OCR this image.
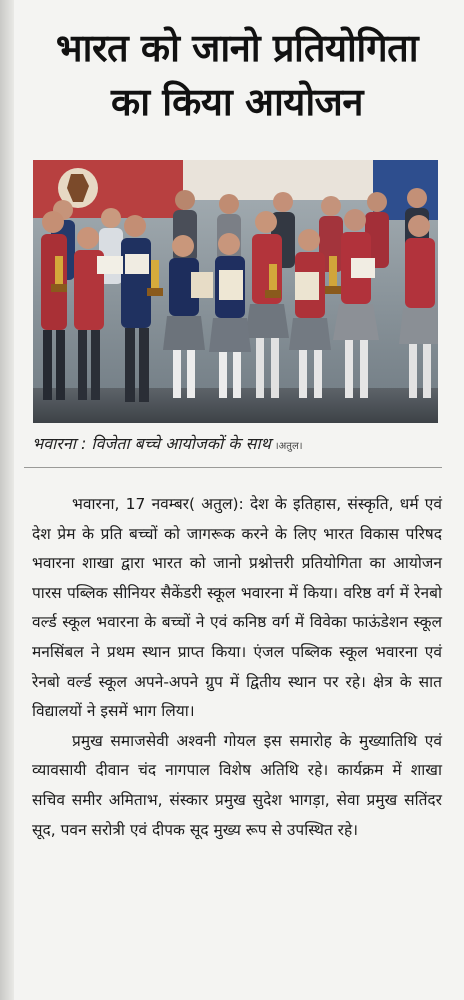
भारत को जानो प्रतियोगिता
का किया आयोजन
भवारना : विजेता बच्चे आयोजकों के साथ ।अतुल।

भवारना, 17 नवम्बर( अतुल): देश के इतिहास, संस्कृति, धर्म एवं देश प्रेम के प्रति बच्चों को जागरूक करने के लिए भारत विकास परिषद भवारना शाखा द्वारा भारत को जानो प्रश्नोत्तरी प्रतियोगिता का आयोजन पारस पब्लिक सीनियर सैकेंडरी स्कूल भवारना में किया। वरिष्ठ वर्ग में रेनबो वर्ल्ड स्कूल भवारना के बच्चों ने एवं कनिष्ठ वर्ग में विवेका फाऊंडेशन स्कूल मनसिंबल ने प्रथम स्थान प्राप्त किया। एंजल पब्लिक स्कूल भवारना एवं रेनबो वर्ल्ड स्कूल अपने-अपने ग्रुप में द्वितीय स्थान पर रहे। क्षेत्र के सात विद्यालयों ने इसमें भाग लिया।

प्रमुख समाजसेवी अश्वनी गोयल इस समारोह के मुख्यातिथि एवं व्यावसायी दीवान चंद नागपाल विशेष अतिथि रहे। कार्यक्रम में शाखा सचिव समीर अमिताभ, संस्कार प्रमुख सुदेश भागड़ा, सेवा प्रमुख सतिंदर सूद, पवन सरोत्री एवं दीपक सूद मुख्य रूप से उपस्थित रहे।
